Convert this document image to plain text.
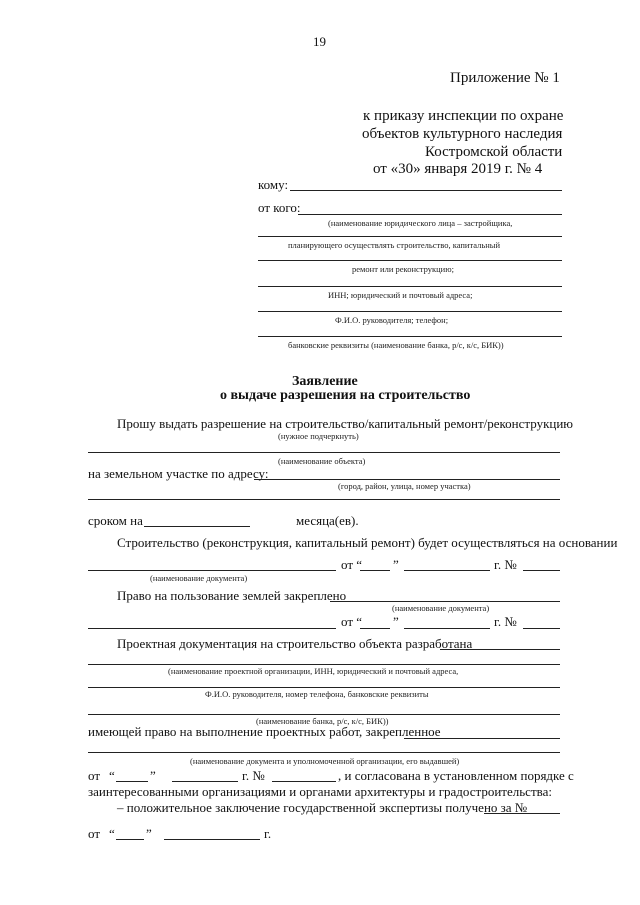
19
Приложение № 1
к приказу инспекции по охране
объектов культурного наследия
Костромской области
от «30» января 2019 г. № 4
кому:
от кого:
(наименование юридического лица – застройщика,
планирующего осуществлять строительство, капитальный
ремонт или реконструкцию;
ИНН; юридический и почтовый адреса;
Ф.И.О. руководителя; телефон;
банковские реквизиты (наименование банка, р/с, к/с, БИК))
Заявление
о выдаче разрешения на строительство
Прошу выдать разрешение на строительство/капитальный ремонт/реконструкцию
(нужное подчеркнуть)
(наименование объекта)
на земельном участке по адресу:
(город, район, улица, номер участка)
сроком на	месяца(ев).
Строительство (реконструкция, капитальный ремонт) будет осуществляться на основании
от “ ”	г. №
(наименование документа)
Право на пользование землей закреплено
(наименование документа)
от “ ”	г. №
Проектная документация на строительство объекта разработана
(наименование проектной организации, ИНН, юридический и почтовый адреса,
Ф.И.О. руководителя, номер телефона, банковские реквизиты
(наименование банка, р/с, к/с, БИК))
имеющей право на выполнение проектных работ, закрепленное
(наименование документа и уполномоченной организации, его выдавшей)
от “	”	г. №	, и согласована в установленном порядке с
заинтересованными организациями и органами архитектуры и градостроительства:
– положительное заключение государственной экспертизы получено за №
от “ ”	г.
